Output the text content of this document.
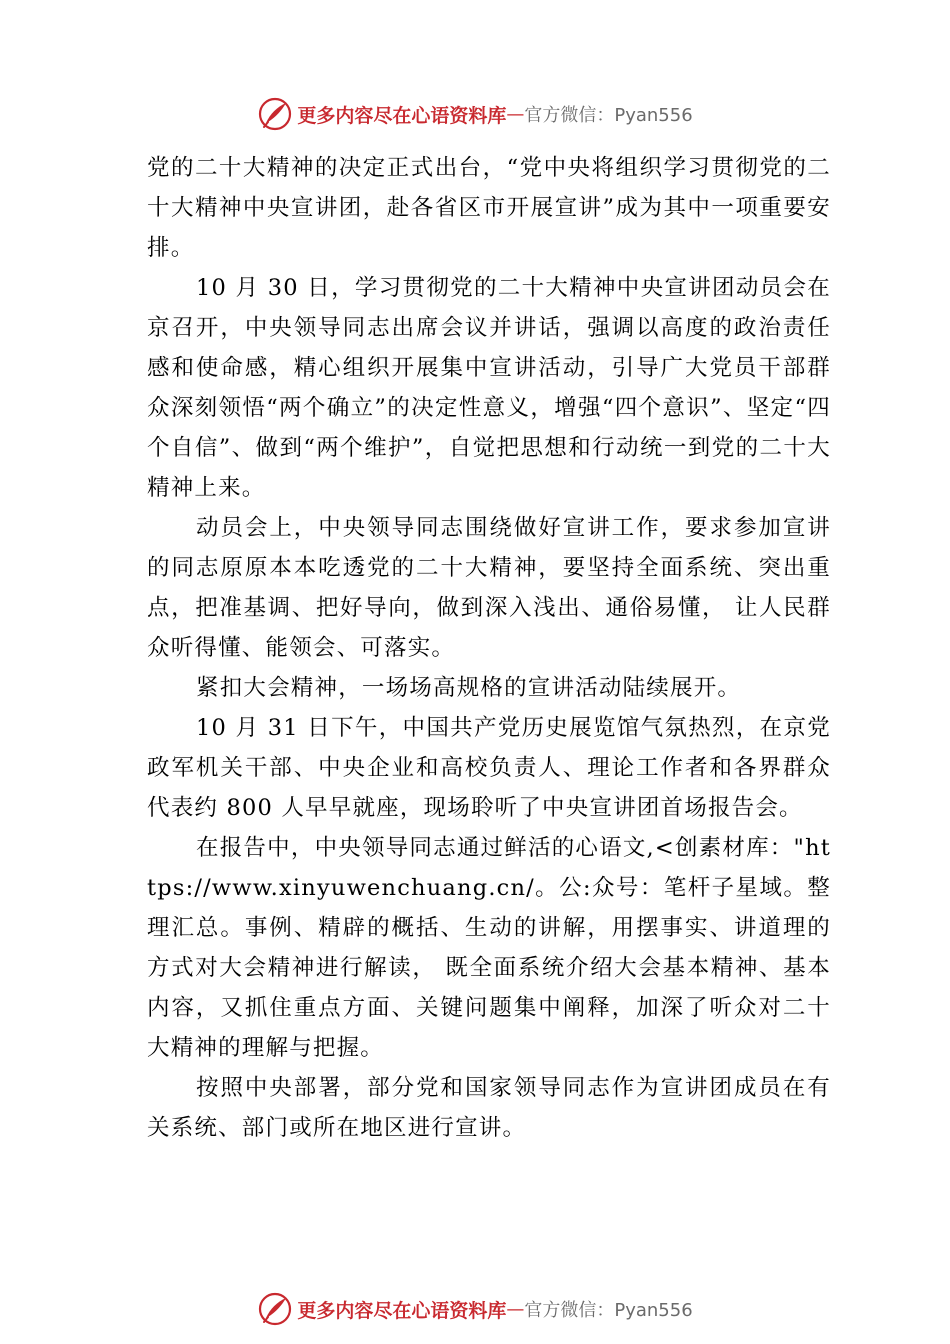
更多内容尽在心语资料库 — 官方微信：Pyan556

党的二十大精神的决定正式出台，“党中央将组织学习贯彻党的二十大精神中央宣讲团，赴各省区市开展宣讲”成为其中一项重要安排。

10 月 30 日，学习贯彻党的二十大精神中央宣讲团动员会在京召开，中央领导同志出席会议并讲话，强调以高度的政治责任感和使命感，精心组织开展集中宣讲活动，引导广大党员干部群众深刻领悟“两个确立”的决定性意义，增强“四个意识”、坚定“四个自信”、做到“两个维护”，自觉把思想和行动统一到党的二十大精神上来。

动员会上，中央领导同志围绕做好宣讲工作，要求参加宣讲的同志原原本本吃透党的二十大精神，要坚持全面系统、突出重点，把准基调、把好导向，做到深入浅出、通俗易懂， 让人民群众听得懂、能领会、可落实。

紧扣大会精神，一场场高规格的宣讲活动陆续展开。

10 月 31 日下午，中国共产党历史展览馆气氛热烈，在京党政军机关干部、中央企业和高校负责人、理论工作者和各界群众代表约 800 人早早就座，现场聆听了中央宣讲团首场报告会。

在报告中，中央领导同志通过鲜活的心语文,<创素材库："https://www.xinyuwenchuang.cn/。公:众号：笔杆子星域。整理汇总。事例、精辟的概括、生动的讲解，用摆事实、讲道理的方式对大会精神进行解读， 既全面系统介绍大会基本精神、基本内容，又抓住重点方面、关键问题集中阐释，加深了听众对二十大精神的理解与把握。

按照中央部署，部分党和国家领导同志作为宣讲团成员在有关系统、部门或所在地区进行宣讲。

更多内容尽在心语资料库 — 官方微信：Pyan556
